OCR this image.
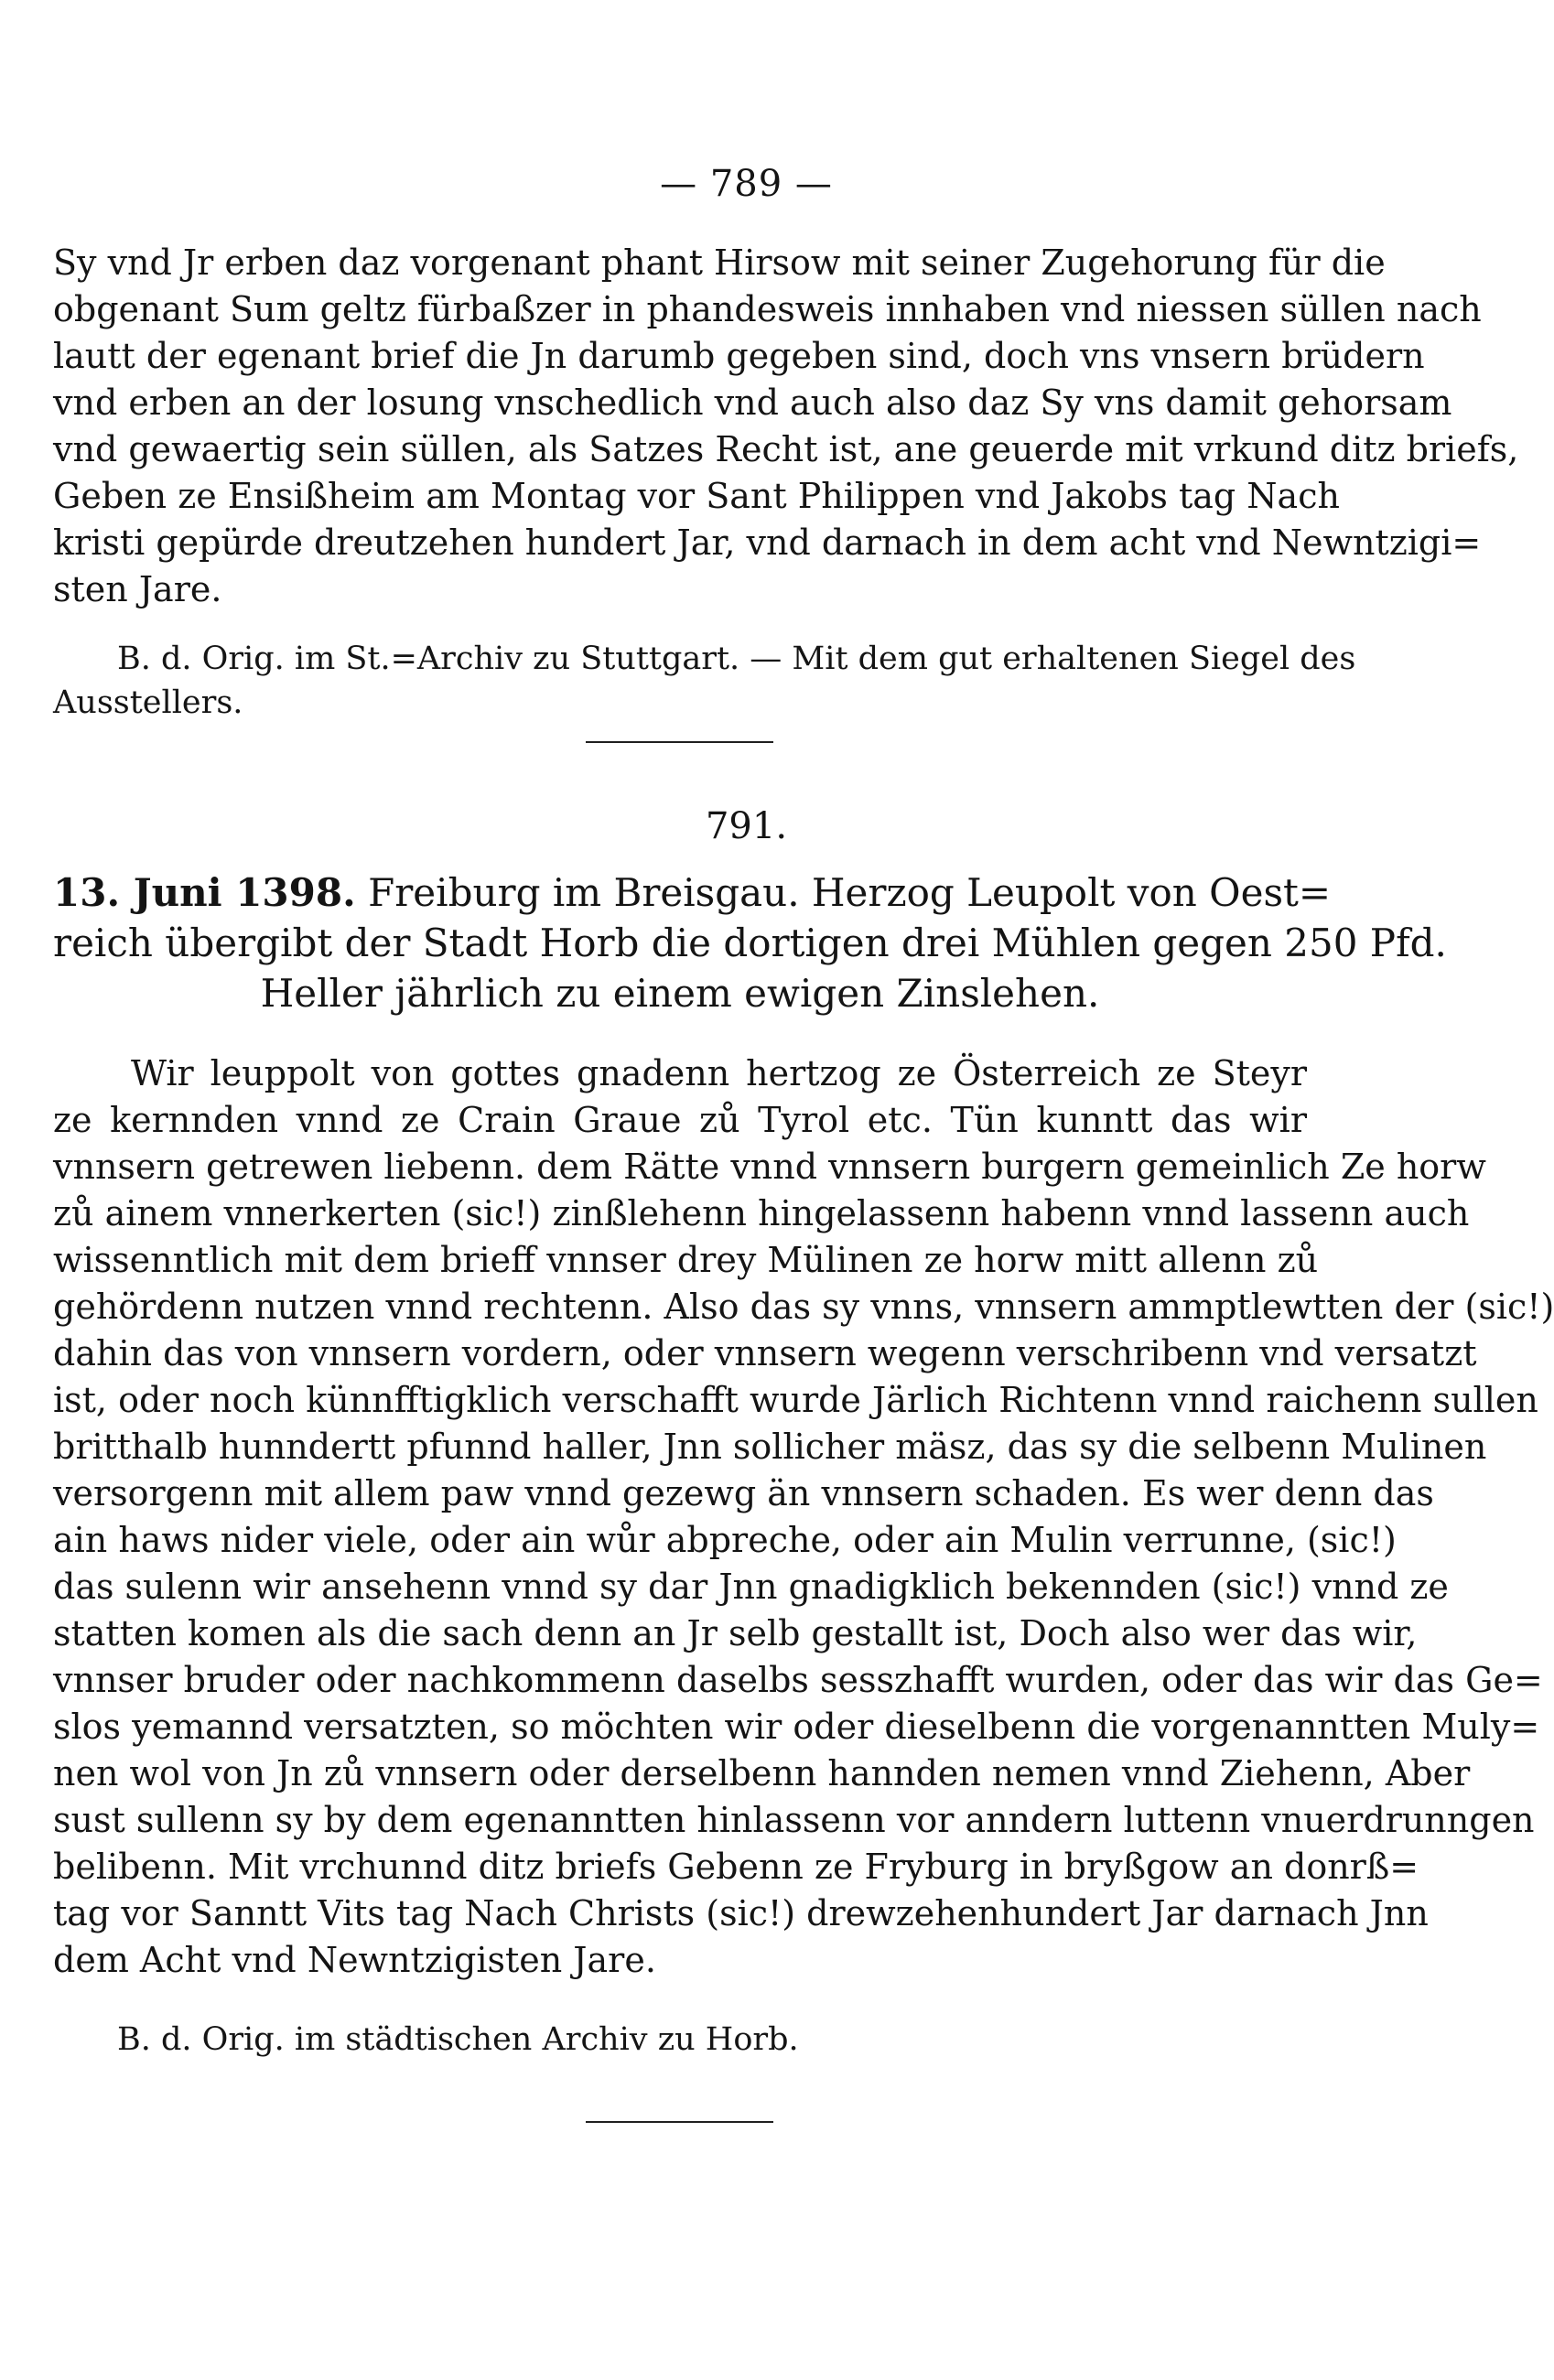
— 789 —

Sy vnd Jr erben daz vorgenant phant Hirsow mit seiner Zugehorung für die
obgenant Sum geltz fürbaßzer in phandesweis innhaben vnd niessen süllen nach
lautt der egenant brief die Jn darumb gegeben sind, doch vns vnsern brüdern
vnd erben an der losung vnschedlich vnd auch also daz Sy vns damit gehorsam
vnd gewaertig sein süllen, als Satzes Recht ist, ane geuerde mit vrkund ditz briefs,
Geben ze Ensißheim am Montag vor Sant Philippen vnd Jakobs tag Nach
kristi gepürde dreutzehen hundert Jar, vnd darnach in dem acht vnd Newntzigi=
sten Jare.

B. d. Orig. im St.=Archiv zu Stuttgart. — Mit dem gut erhaltenen Siegel des
Ausstellers.
791.
13. Juni 1398. Freiburg im Breisgau. Herzog Leupolt von Oest=
reich übergibt der Stadt Horb die dortigen drei Mühlen gegen 250 Pfd.
Heller jährlich zu einem ewigen Zinslehen.

Wir leuppolt von gottes gnadenn hertzog ze Österreich ze Steyr
ze kernnden vnnd ze Crain Graue zů Tyrol etc. Tün kunntt das wir
vnnsern getrewen liebenn. dem Rätte vnnd vnnsern burgern gemeinlich Ze horw
zů ainem vnnerkerten (sic!) zinßlehenn hingelassenn habenn vnnd lassenn auch
wissenntlich mit dem brieff vnnser drey Mülinen ze horw mitt allenn zů
gehördenn nutzen vnnd rechtenn. Also das sy vnns, vnnsern ammptlewtten der (sic!)
dahin das von vnnsern vordern, oder vnnsern wegenn verschribenn vnd versatzt
ist, oder noch künnfftigklich verschafft wurde Järlich Richtenn vnnd raichenn sullen
britthalb hunndertt pfunnd haller, Jnn sollicher mäsz, das sy die selbenn Mulinen
versorgenn mit allem paw vnnd gezewg än vnnsern schaden. Es wer denn das
ain haws nider viele, oder ain wůr abpreche, oder ain Mulin verrunne, (sic!)
das sulenn wir ansehenn vnnd sy dar Jnn gnadigklich bekennden (sic!) vnnd ze
statten komen als die sach denn an Jr selb gestallt ist, Doch also wer das wir,
vnnser bruder oder nachkommenn daselbs sesszhafft wurden, oder das wir das Ge=
slos yemannd versatzten, so möchten wir oder dieselbenn die vorgenanntten Muly=
nen wol von Jn zů vnnsern oder derselbenn hannden nemen vnnd Ziehenn, Aber
sust sullenn sy by dem egenanntten hinlassenn vor anndern luttenn vnuerdrunngen
belibenn. Mit vrchunnd ditz briefs Gebenn ze Fryburg in bryßgow an donrß=
tag vor Sanntt Vits tag Nach Christs (sic!) drewzehenhundert Jar darnach Jnn
dem Acht vnd Newntzigisten Jare.

B. d. Orig. im städtischen Archiv zu Horb.
